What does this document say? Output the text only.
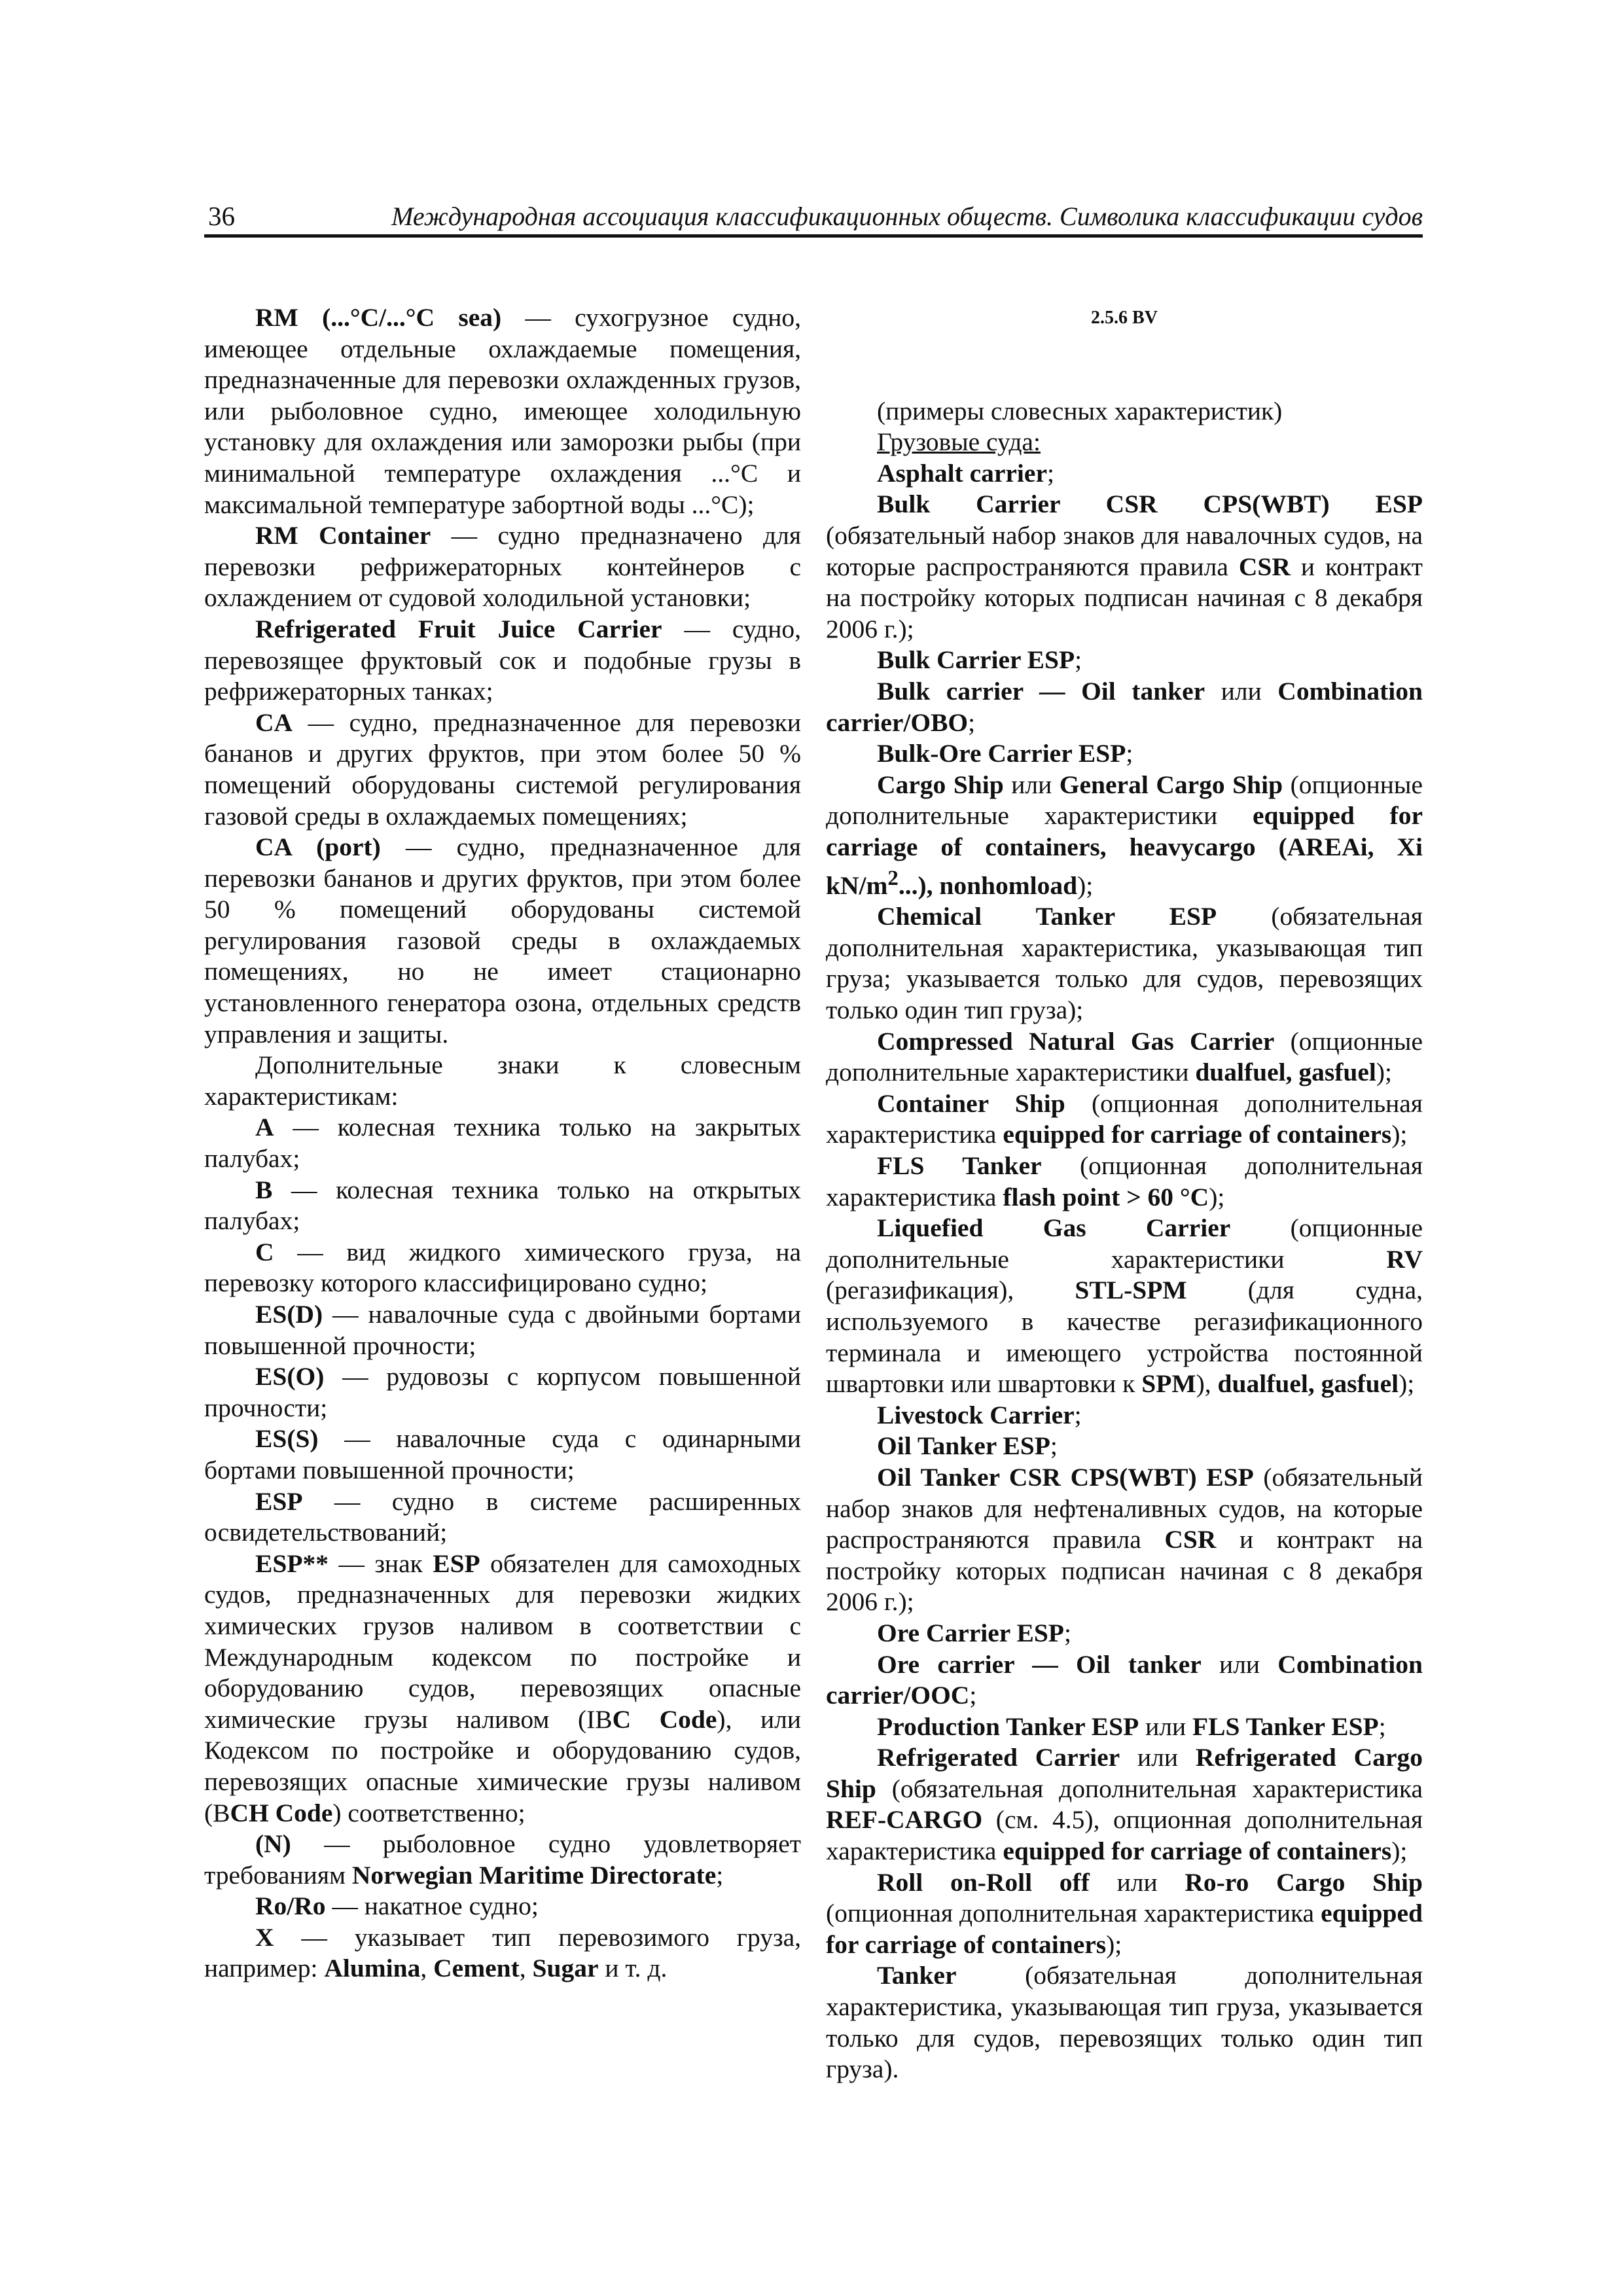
36	Международная ассоциация классификационных обществ. Символика классификации судов

RM (...°C/...°C sea) — сухогрузное судно, имеющее отдельные охлаждаемые помещения, предназначенные для перевозки охлажденных грузов, или рыболовное судно, имеющее холодильную установку для охлаждения или заморозки рыбы (при минимальной температуре охлаждения ...°C и максимальной температуре забортной воды ...°C);

RM Container — судно предназначено для перевозки рефрижераторных контейнеров с охлаждением от судовой холодильной установки;

Refrigerated Fruit Juice Carrier — судно, перевозящее фруктовый сок и подобные грузы в рефрижераторных танках;

CA — судно, предназначенное для перевозки бананов и других фруктов, при этом более 50 % помещений оборудованы системой регулирования газовой среды в охлаждаемых помещениях;

CA (port) — судно, предназначенное для перевозки бананов и других фруктов, при этом более 50 % помещений оборудованы системой регулирования газовой среды в охлаждаемых помещениях, но не имеет стационарно установленного генератора озона, отдельных средств управления и защиты.

Дополнительные знаки к словесным характеристикам:

A — колесная техника только на закрытых палубах;

B — колесная техника только на открытых палубах;

C — вид жидкого химического груза, на перевозку которого классифицировано судно;

ES(D) — навалочные суда с двойными бортами повышенной прочности;

ES(O) — рудовозы с корпусом повышенной прочности;

ES(S) — навалочные суда с одинарными бортами повышенной прочности;

ESP — судно в системе расширенных освидетельствований;

ESP** — знак ESP обязателен для самоходных судов, предназначенных для перевозки жидких химических грузов наливом в соответствии с Международным кодексом по постройке и оборудованию судов, перевозящих опасные химические грузы наливом (IBC Code), или Кодексом по постройке и оборудованию судов, перевозящих опасные химические грузы наливом (BCH Code) соответственно;

(N) — рыболовное судно удовлетворяет требованиям Norwegian Maritime Directorate;

Ro/Ro — накатное судно;

X — указывает тип перевозимого груза, например: Alumina, Cement, Sugar и т. д.

2.5.6 BV

(примеры словесных характеристик)

Грузовые суда:

Asphalt carrier;

Bulk Carrier CSR CPS(WBT) ESP (обязательный набор знаков для навалочных судов, на которые распространяются правила CSR и контракт на постройку которых подписан начиная с 8 декабря 2006 г.);

Bulk Carrier ESP;

Bulk carrier — Oil tanker или Combination carrier/OBO;

Bulk-Ore Carrier ESP;

Cargo Ship или General Cargo Ship (опционные дополнительные характеристики equipped for carriage of containers, heavycargo (AREAi, Xi $kN/m^2$...), nonhomload);

Chemical Tanker ESP (обязательная дополнительная характеристика, указывающая тип груза; указывается только для судов, перевозящих только один тип груза);

Compressed Natural Gas Carrier (опционные дополнительные характеристики dualfuel, gasfuel);

Container Ship (опционная дополнительная характеристика equipped for carriage of containers);

FLS Tanker (опционная дополнительная характеристика flash point > 60 °C);

Liquefied Gas Carrier (опционные дополнительные характеристики RV (регазификация), STL-SPM (для судна, используемого в качестве регазификационного терминала и имеющего устройства постоянной швартовки или швартовки к SPM), dualfuel, gasfuel);

Livestock Carrier;

Oil Tanker ESP;

Oil Tanker CSR CPS(WBT) ESP (обязательный набор знаков для нефтеналивных судов, на которые распространяются правила CSR и контракт на постройку которых подписан начиная с 8 декабря 2006 г.);

Ore Carrier ESP;

Ore carrier — Oil tanker или Combination carrier/OOC;

Production Tanker ESP или FLS Tanker ESP;

Refrigerated Carrier или Refrigerated Cargo Ship (обязательная дополнительная характеристика REF-CARGO (см. 4.5), опционная дополнительная характеристика equipped for carriage of containers);

Roll on-Roll off или Ro-ro Cargo Ship (опционная дополнительная характеристика equipped for carriage of containers);

Tanker (обязательная дополнительная характеристика, указывающая тип груза, указывается только для судов, перевозящих только один тип груза).
